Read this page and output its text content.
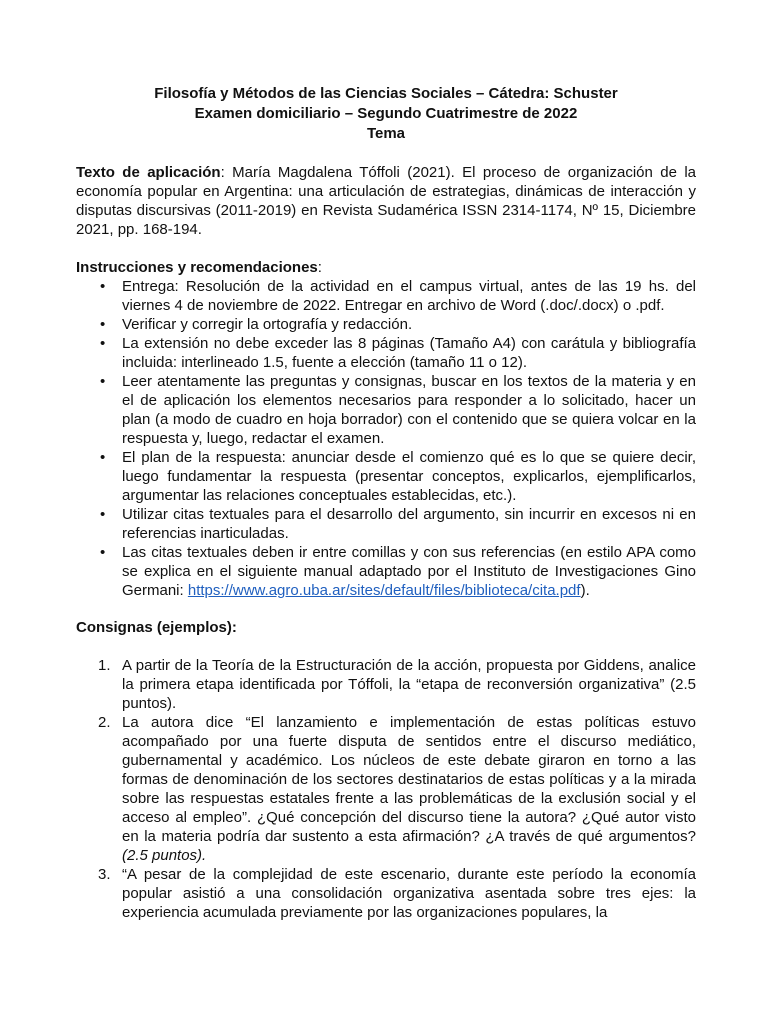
Filosofía y Métodos de las Ciencias Sociales – Cátedra: Schuster
Examen domiciliario – Segundo Cuatrimestre de 2022
Tema

Texto de aplicación: María Magdalena Tóffoli (2021). El proceso de organización de la economía popular en Argentina: una articulación de estrategias, dinámicas de interacción y disputas discursivas (2011-2019) en Revista Sudamérica ISSN 2314-1174, Nº 15, Diciembre 2021, pp. 168-194.

Instrucciones y recomendaciones:

• Entrega: Resolución de la actividad en el campus virtual, antes de las 19 hs. del viernes 4 de noviembre de 2022. Entregar en archivo de Word (.doc/.docx) o .pdf.
• Verificar y corregir la ortografía y redacción.
• La extensión no debe exceder las 8 páginas (Tamaño A4) con carátula y bibliografía incluida: interlineado 1.5, fuente a elección (tamaño 11 o 12).
• Leer atentamente las preguntas y consignas, buscar en los textos de la materia y en el de aplicación los elementos necesarios para responder a lo solicitado, hacer un plan (a modo de cuadro en hoja borrador) con el contenido que se quiera volcar en la respuesta y, luego, redactar el examen.
• El plan de la respuesta: anunciar desde el comienzo qué es lo que se quiere decir, luego fundamentar la respuesta (presentar conceptos, explicarlos, ejemplificarlos, argumentar las relaciones conceptuales establecidas, etc.).
• Utilizar citas textuales para el desarrollo del argumento, sin incurrir en excesos ni en referencias inarticuladas.
• Las citas textuales deben ir entre comillas y con sus referencias (en estilo APA como se explica en el siguiente manual adaptado por el Instituto de Investigaciones Gino Germani: https://www.agro.uba.ar/sites/default/files/biblioteca/cita.pdf).

Consignas (ejemplos):

1. A partir de la Teoría de la Estructuración de la acción, propuesta por Giddens, analice la primera etapa identificada por Tóffoli, la “etapa de reconversión organizativa” (2.5 puntos).
2. La autora dice “El lanzamiento e implementación de estas políticas estuvo acompañado por una fuerte disputa de sentidos entre el discurso mediático, gubernamental y académico. Los núcleos de este debate giraron en torno a las formas de denominación de los sectores destinatarios de estas políticas y a la mirada sobre las respuestas estatales frente a las problemáticas de la exclusión social y el acceso al empleo”. ¿Qué concepción del discurso tiene la autora? ¿Qué autor visto en la materia podría dar sustento a esta afirmación? ¿A través de qué argumentos? (2.5 puntos).
3. “A pesar de la complejidad de este escenario, durante este período la economía popular asistió a una consolidación organizativa asentada sobre tres ejes: la experiencia acumulada previamente por las organizaciones populares, la
